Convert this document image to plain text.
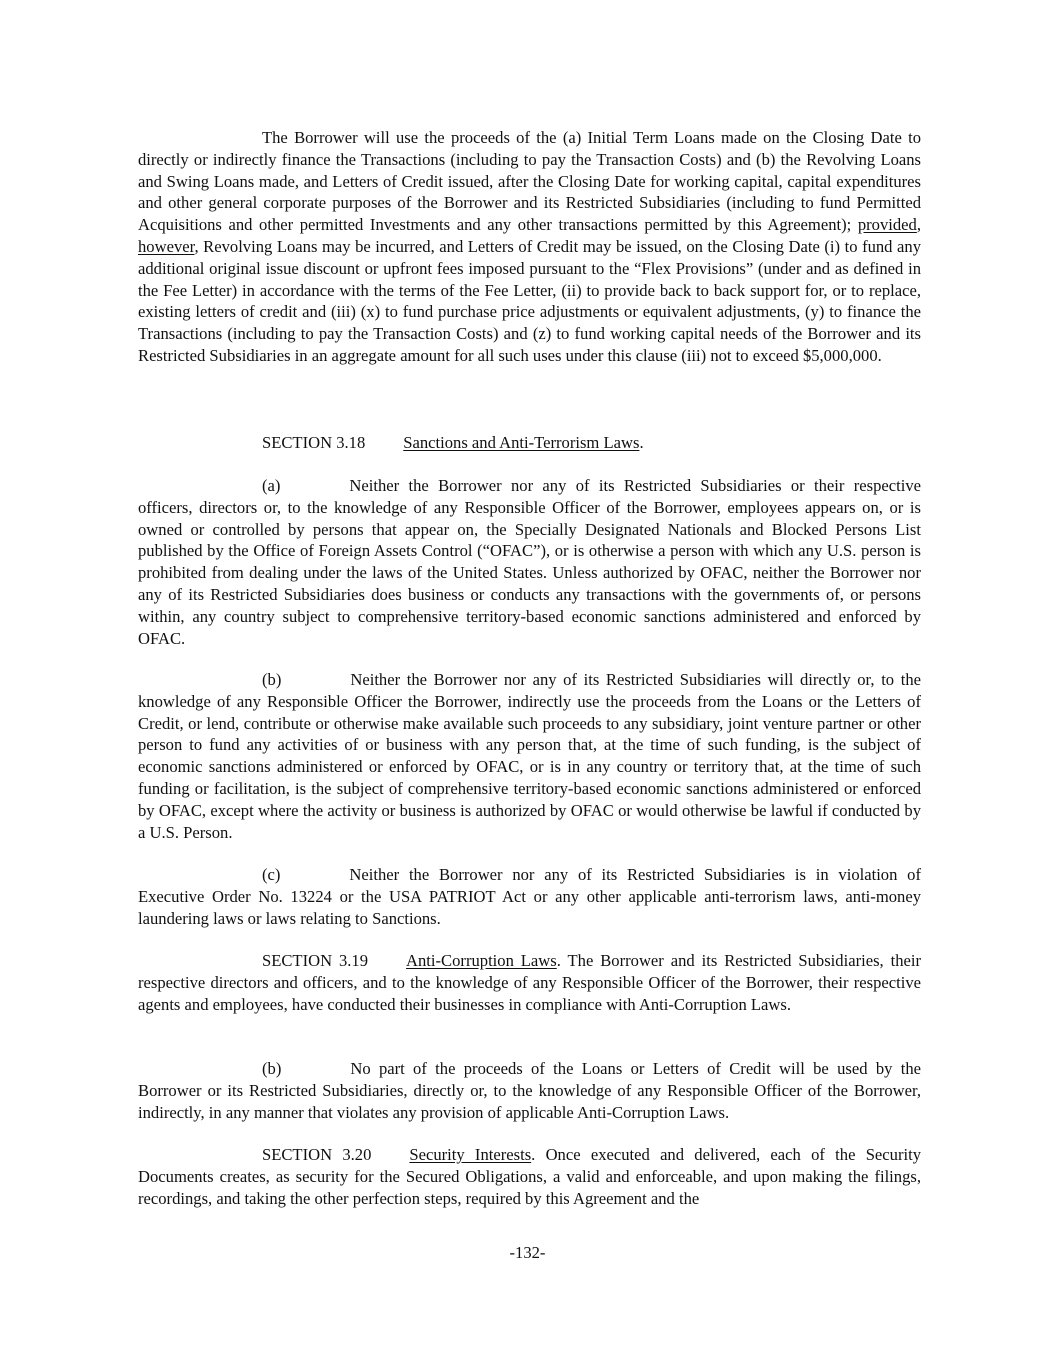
The Borrower will use the proceeds of the (a) Initial Term Loans made on the Closing Date to directly or indirectly finance the Transactions (including to pay the Transaction Costs) and (b) the Revolving Loans and Swing Loans made, and Letters of Credit issued, after the Closing Date for working capital, capital expenditures and other general corporate purposes of the Borrower and its Restricted Subsidiaries (including to fund Permitted Acquisitions and other permitted Investments and any other transactions permitted by this Agreement); provided, however, Revolving Loans may be incurred, and Letters of Credit may be issued, on the Closing Date (i) to fund any additional original issue discount or upfront fees imposed pursuant to the “Flex Provisions” (under and as defined in the Fee Letter) in accordance with the terms of the Fee Letter, (ii) to provide back to back support for, or to replace, existing letters of credit and (iii) (x) to fund purchase price adjustments or equivalent adjustments, (y) to finance the Transactions (including to pay the Transaction Costs) and (z) to fund working capital needs of the Borrower and its Restricted Subsidiaries in an aggregate amount for all such uses under this clause (iii) not to exceed $5,000,000.

SECTION 3.18 Sanctions and Anti-Terrorism Laws.

(a)	Neither the Borrower nor any of its Restricted Subsidiaries or their respective officers, directors or, to the knowledge of any Responsible Officer of the Borrower, employees appears on, or is owned or controlled by persons that appear on, the Specially Designated Nationals and Blocked Persons List published by the Office of Foreign Assets Control (“OFAC”), or is otherwise a person with which any U.S. person is prohibited from dealing under the laws of the United States. Unless authorized by OFAC, neither the Borrower nor any of its Restricted Subsidiaries does business or conducts any transactions with the governments of, or persons within, any country subject to comprehensive territory-based economic sanctions administered and enforced by OFAC.

(b)	Neither the Borrower nor any of its Restricted Subsidiaries will directly or, to the knowledge of any Responsible Officer the Borrower, indirectly use the proceeds from the Loans or the Letters of Credit, or lend, contribute or otherwise make available such proceeds to any subsidiary, joint venture partner or other person to fund any activities of or business with any person that, at the time of such funding, is the subject of economic sanctions administered or enforced by OFAC, or is in any country or territory that, at the time of such funding or facilitation, is the subject of comprehensive territory-based economic sanctions administered or enforced by OFAC, except where the activity or business is authorized by OFAC or would otherwise be lawful if conducted by a U.S. Person.

(c)	Neither the Borrower nor any of its Restricted Subsidiaries is in violation of Executive Order No. 13224 or the USA PATRIOT Act or any other applicable anti-terrorism laws, anti-money laundering laws or laws relating to Sanctions.

SECTION 3.19 Anti-Corruption Laws. The Borrower and its Restricted Subsidiaries, their respective directors and officers, and to the knowledge of any Responsible Officer of the Borrower, their respective agents and employees, have conducted their businesses in compliance with Anti-Corruption Laws.

(b)	No part of the proceeds of the Loans or Letters of Credit will be used by the Borrower or its Restricted Subsidiaries, directly or, to the knowledge of any Responsible Officer of the Borrower, indirectly, in any manner that violates any provision of applicable Anti-Corruption Laws.

SECTION 3.20 Security Interests. Once executed and delivered, each of the Security Documents creates, as security for the Secured Obligations, a valid and enforceable, and upon making the filings, recordings, and taking the other perfection steps, required by this Agreement and the

-132-
